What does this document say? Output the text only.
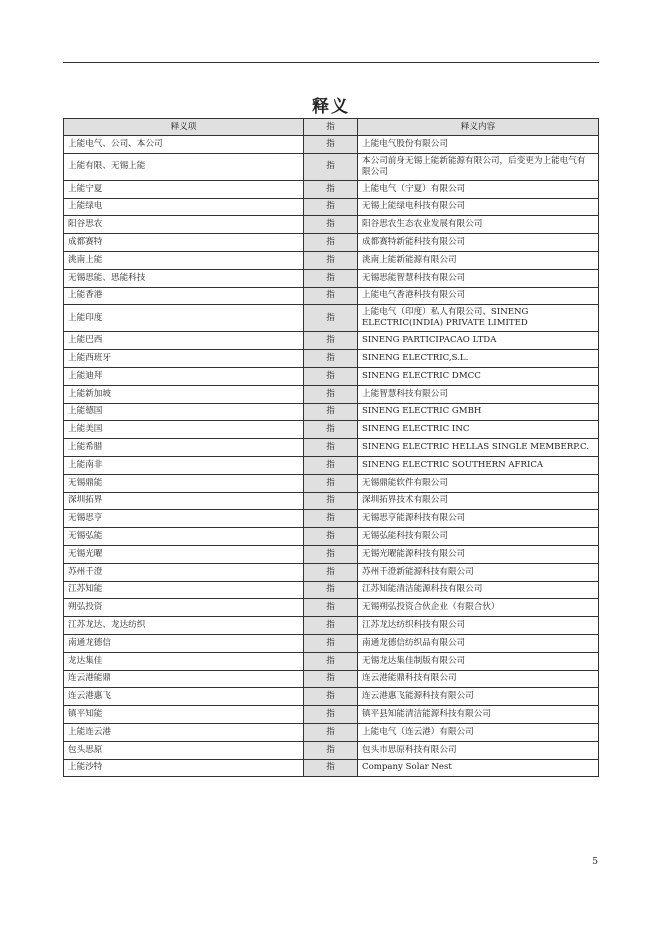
释义
释义项	指	释义内容
上能电气、公司、本公司	指	上能电气股份有限公司
上能有限、无锡上能	指	本公司前身无锡上能新能源有限公司，后变更为上能电气有限公司
上能宁夏	指	上能电气（宁夏）有限公司
上能绿电	指	无锡上能绿电科技有限公司
阳谷思农	指	阳谷思农生态农业发展有限公司
成都赛特	指	成都赛特新能科技有限公司
洮南上能	指	洮南上能新能源有限公司
无锡思能、思能科技	指	无锡思能智慧科技有限公司
上能香港	指	上能电气香港科技有限公司
上能印度	指	上能电气（印度）私人有限公司、SINENG ELECTRIC(INDIA) PRIVATE LIMITED
上能巴西	指	SINENG PARTICIPACAO LTDA
上能西班牙	指	SINENG ELECTRIC,S.L.
上能迪拜	指	SINENG ELECTRIC DMCC
上能新加坡	指	上能智慧科技有限公司
上能德国	指	SINENG ELECTRIC GMBH
上能美国	指	SINENG ELECTRIC INC
上能希腊	指	SINENG ELECTRIC HELLAS SINGLE MEMBERP.C.
上能南非	指	SINENG ELECTRIC SOUTHERN AFRICA
无锡鼎能	指	无锡鼎能软件有限公司
深圳拓界	指	深圳拓界技术有限公司
无锡思亨	指	无锡思亨能源科技有限公司
无锡弘能	指	无锡弘能科技有限公司
无锡光曜	指	无锡光曜能源科技有限公司
苏州千澄	指	苏州千澄新能源科技有限公司
江苏知能	指	江苏知能清洁能源科技有限公司
朔弘投资	指	无锡朔弘投资合伙企业（有限合伙）
江苏龙达、龙达纺织	指	江苏龙达纺织科技有限公司
南通龙德信	指	南通龙德信纺织品有限公司
龙达集佳	指	无锡龙达集佳制版有限公司
连云港能鼎	指	连云港能鼎科技有限公司
连云港惠飞	指	连云港惠飞能源科技有限公司
镇平知能	指	镇平县知能清洁能源科技有限公司
上能连云港	指	上能电气（连云港）有限公司
包头思原	指	包头市思原科技有限公司
上能沙特	指	Company Solar Nest
5
